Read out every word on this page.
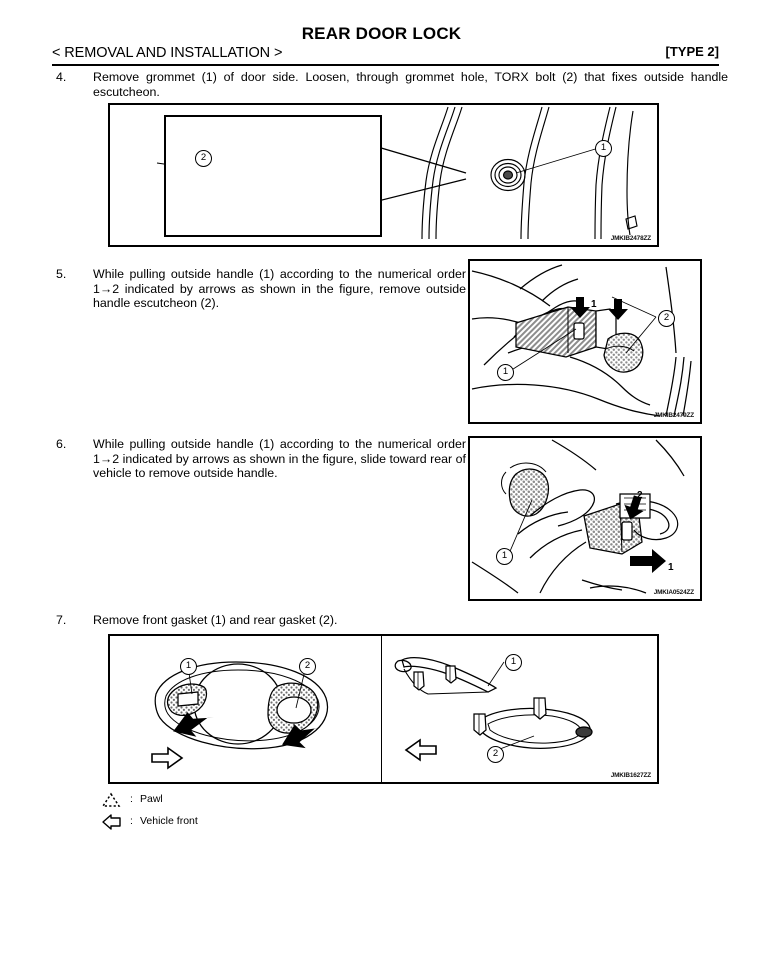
REAR DOOR LOCK
< REMOVAL AND INSTALLATION >	[TYPE 2]
4.	Remove grommet (1) of door side. Loosen, through grommet hole, TORX bolt (2) that fixes outside handle escutcheon.
JMKIB2478ZZ
2
1
5.	While pulling outside handle (1) according to the numerical order 1→2 indicated by arrows as shown in the figure, remove outside handle escutcheon (2).	1
2
1
2
JMKIB2479ZZ
6.	While pulling outside handle (1) according to the numerical order 1→2 indicated by arrows as shown in the figure, slide toward rear of vehicle to remove outside handle.
2
1
1
JMKIA0524ZZ
7.	Remove front gasket (1) and rear gasket (2).
1	2	1
2
JMKIB1627ZZ
: Pawl
: Vehicle front
